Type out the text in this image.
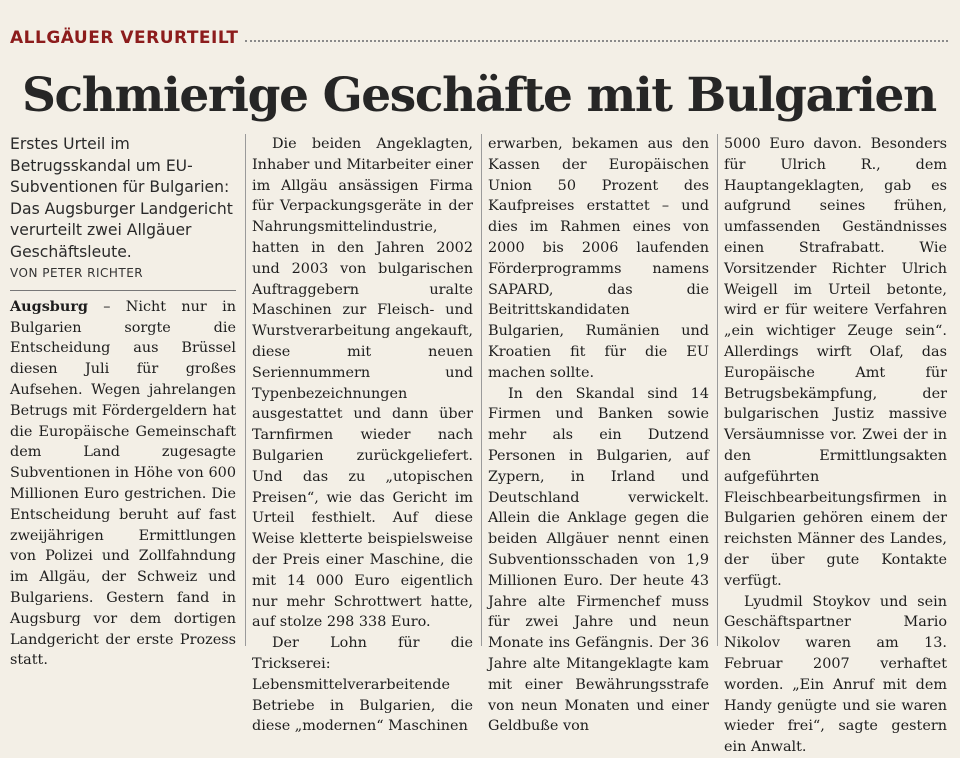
ALLGÄUER VERURTEILT
Schmierige Geschäfte mit Bulgarien

Erstes Urteil im Betrugsskandal um EU-Subventionen für Bulgarien: Das Augsburger Landgericht verurteilt zwei Allgäuer Geschäftsleute.

VON PETER RICHTER

Augsburg – Nicht nur in Bulgarien sorgte die Entscheidung aus Brüssel diesen Juli für großes Aufsehen. Wegen jahrelangen Betrugs mit Fördergeldern hat die Europäische Gemeinschaft dem Land zugesagte Subventionen in Höhe von 600 Millionen Euro gestrichen. Die Entscheidung beruht auf fast zweijährigen Ermittlungen von Polizei und Zollfahndung im Allgäu, der Schweiz und Bulgariens. Gestern fand in Augsburg vor dem dortigen Landgericht der erste Prozess statt.

Die beiden Angeklagten, Inhaber und Mitarbeiter einer im Allgäu ansässigen Firma für Verpackungsgeräte in der Nahrungsmittelindustrie, hatten in den Jahren 2002 und 2003 von bulgarischen Auftraggebern uralte Maschinen zur Fleisch- und Wurstverarbeitung angekauft, diese mit neuen Seriennummern und Typenbezeichnungen ausgestattet und dann über Tarnfirmen wieder nach Bulgarien zurückgeliefert. Und das zu „utopischen Preisen“, wie das Gericht im Urteil festhielt. Auf diese Weise kletterte beispielsweise der Preis einer Maschine, die mit 14 000 Euro eigentlich nur mehr Schrottwert hatte, auf stolze 298 338 Euro.

Der Lohn für die Trickserei: Lebensmittelverarbeitende Betriebe in Bulgarien, die diese „modernen“ Maschinen

erwarben, bekamen aus den Kassen der Europäischen Union 50 Prozent des Kaufpreises erstattet – und dies im Rahmen eines von 2000 bis 2006 laufenden Förderprogramms namens SAPARD, das die Beitrittskandidaten Bulgarien, Rumänien und Kroatien fit für die EU machen sollte.

In den Skandal sind 14 Firmen und Banken sowie mehr als ein Dutzend Personen in Bulgarien, auf Zypern, in Irland und Deutschland verwickelt. Allein die Anklage gegen die beiden Allgäuer nennt einen Subventionsschaden von 1,9 Millionen Euro. Der heute 43 Jahre alte Firmenchef muss für zwei Jahre und neun Monate ins Gefängnis. Der 36 Jahre alte Mitangeklagte kam mit einer Bewährungsstrafe von neun Monaten und einer Geldbuße von

5000 Euro davon. Besonders für Ulrich R., dem Hauptangeklagten, gab es aufgrund seines frühen, umfassenden Geständnisses einen Strafrabatt. Wie Vorsitzender Richter Ulrich Weigell im Urteil betonte, wird er für weitere Verfahren „ein wichtiger Zeuge sein“. Allerdings wirft Olaf, das Europäische Amt für Betrugsbekämpfung, der bulgarischen Justiz massive Versäumnisse vor. Zwei der in den Ermittlungsakten aufgeführten Fleischbearbeitungsfirmen in Bulgarien gehören einem der reichsten Männer des Landes, der über gute Kontakte verfügt.

Lyudmil Stoykov und sein Geschäftspartner Mario Nikolov waren am 13. Februar 2007 verhaftet worden. „Ein Anruf mit dem Handy genügte und sie waren wieder frei“, sagte gestern ein Anwalt.
